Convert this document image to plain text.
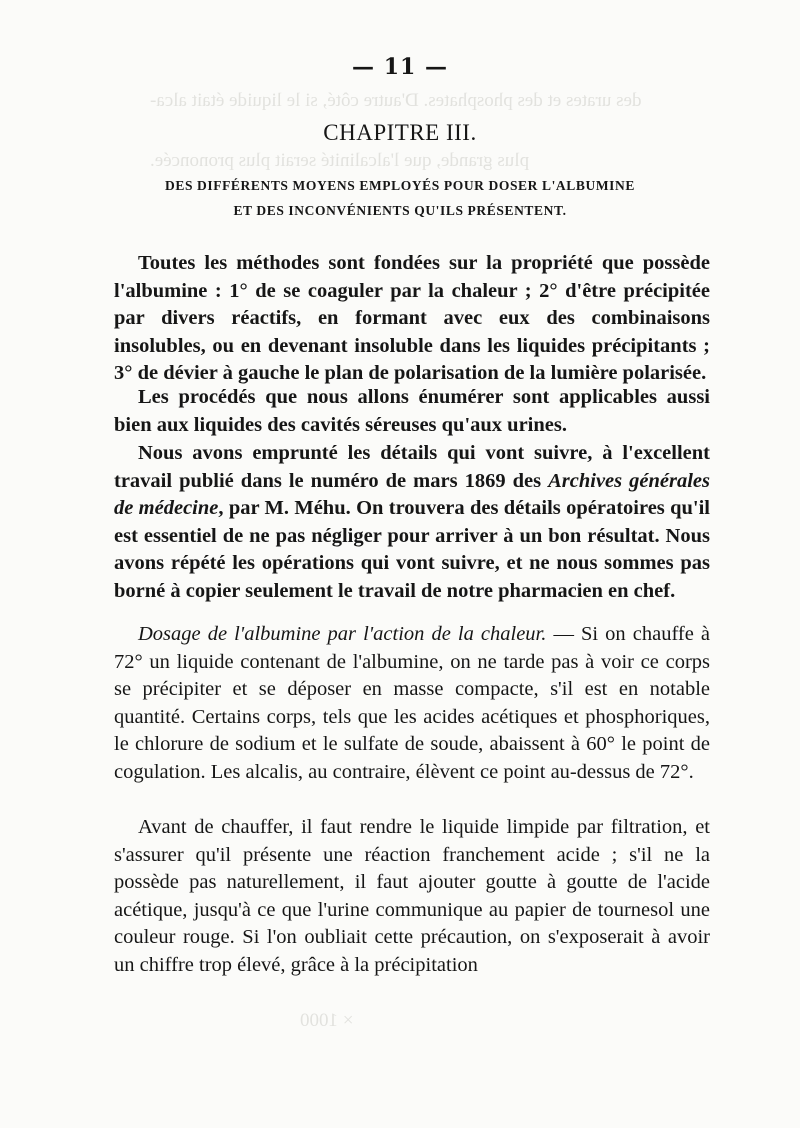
des urates et des phosphates. D'autre côté, si le liquide était alca-
plus grande, que l'alcalinité serait plus prononcée.
× 1000
— 11 —
CHAPITRE III.
DES DIFFÉRENTS MOYENS EMPLOYÉS POUR DOSER L'ALBUMINE
ET DES INCONVÉNIENTS QU'ILS PRÉSENTENT.

Toutes les méthodes sont fondées sur la propriété que possède l'albumine : 1° de se coaguler par la chaleur ; 2° d'être précipitée par divers réactifs, en formant avec eux des combinaisons insolubles, ou en devenant insoluble dans les liquides précipitants ; 3° de dévier à gauche le plan de polarisation de la lumière polarisée.

Les procédés que nous allons énumérer sont applicables aussi bien aux liquides des cavités séreuses qu'aux urines.

Nous avons emprunté les détails qui vont suivre, à l'excellent travail publié dans le numéro de mars 1869 des Archives générales de médecine, par M. Méhu. On trouvera des détails opératoires qu'il est essentiel de ne pas négliger pour arriver à un bon résultat. Nous avons répété les opérations qui vont suivre, et ne nous sommes pas borné à copier seulement le travail de notre pharmacien en chef.

Dosage de l'albumine par l'action de la chaleur. — Si on chauffe à 72° un liquide contenant de l'albumine, on ne tarde pas à voir ce corps se précipiter et se déposer en masse compacte, s'il est en notable quantité. Certains corps, tels que les acides acétiques et phosphoriques, le chlorure de sodium et le sulfate de soude, abaissent à 60° le point de cogulation. Les alcalis, au contraire, élèvent ce point au-dessus de 72°.

Avant de chauffer, il faut rendre le liquide limpide par filtration, et s'assurer qu'il présente une réaction franchement acide ; s'il ne la possède pas naturellement, il faut ajouter goutte à goutte de l'acide acétique, jusqu'à ce que l'urine communique au papier de tournesol une couleur rouge. Si l'on oubliait cette précaution, on s'exposerait à avoir un chiffre trop élevé, grâce à la précipitation
